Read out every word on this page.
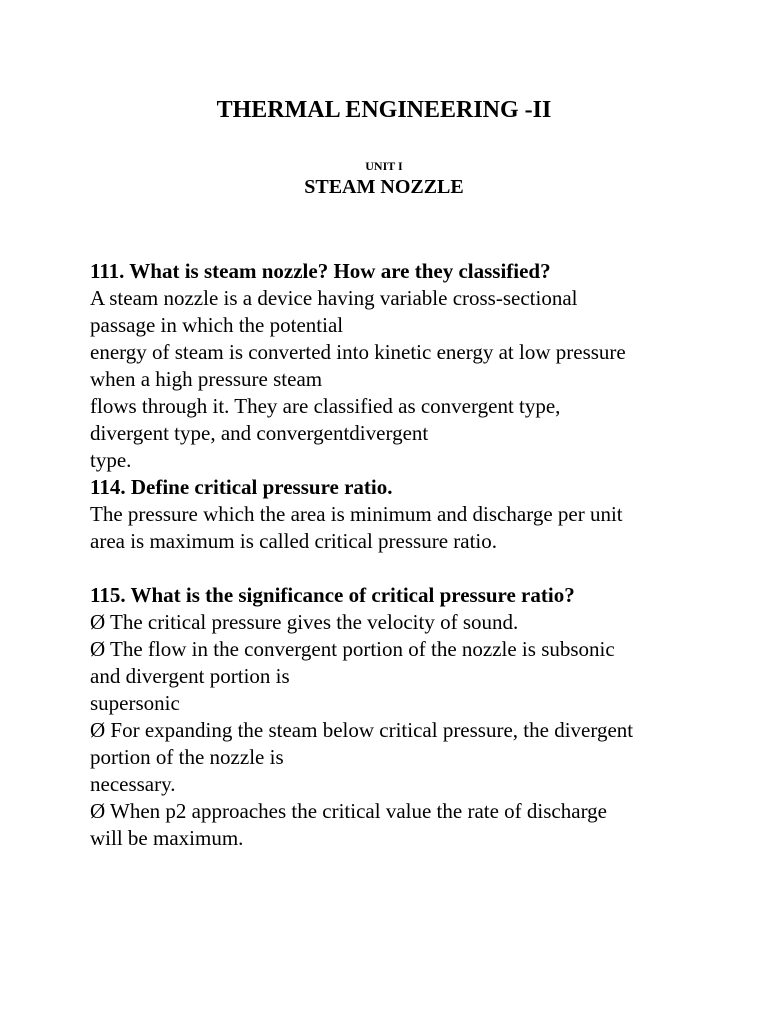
THERMAL ENGINEERING -II
UNIT I
STEAM NOZZLE
111. What is steam nozzle? How are they classified?
A steam nozzle is a device having variable cross-sectional
passage in which the potential
energy of steam is converted into kinetic energy at low pressure
when a high pressure steam
flows through it. They are classified as convergent type,
divergent type, and convergentdivergent
type.
114. Define critical pressure ratio.
The pressure which the area is minimum and discharge per unit
area is maximum is called critical pressure ratio.
115. What is the significance of critical pressure ratio?
Ø The critical pressure gives the velocity of sound.
Ø The flow in the convergent portion of the nozzle is subsonic
and divergent portion is
supersonic
Ø For expanding the steam below critical pressure, the divergent
portion of the nozzle is
necessary.
Ø When p2 approaches the critical value the rate of discharge
will be maximum.
